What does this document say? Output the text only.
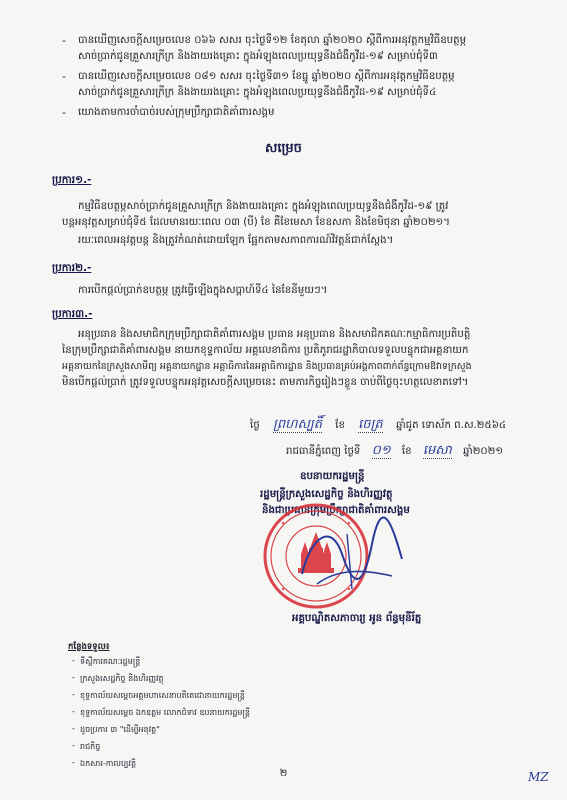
- បានឃើញសេចក្តីសម្រេចលេខ ០៦៦ សសរ ចុះថ្ងៃទី១២ ខែតុលា ឆ្នាំ២០២០ ស្តីពីការអនុវត្តកម្មវិធីឧបត្ថម្ភ
សាច់ប្រាក់ជូនគ្រួសារក្រីក្រ និងងាយរងគ្រោះ ក្នុងអំឡុងពេលប្រយុទ្ធនឹងជំងឺកូវីដ-១៩ សម្រាប់ជុំទី៣
- បានឃើញសេចក្តីសម្រេចលេខ ០៨១ សសរ ចុះថ្ងៃទី៣១ ខែធ្នូ ឆ្នាំ២០២០ ស្តីពីការអនុវត្តកម្មវិធីឧបត្ថម្ភ
សាច់ប្រាក់ជូនគ្រួសារក្រីក្រ និងងាយរងគ្រោះ ក្នុងអំឡុងពេលប្រយុទ្ធនឹងជំងឺកូវីដ-១៩ សម្រាប់ជុំទី៤
- យោងតាមការចាំបាច់របស់ក្រុមប្រឹក្សាជាតិគាំពារសង្គម
សម្រេច
ប្រការ១.-
កម្មវិធីឧបត្ថម្ភសាច់ប្រាក់ជូនគ្រួសារក្រីក្រ និងងាយរងគ្រោះ ក្នុងអំឡុងពេលប្រយុទ្ធនឹងជំងឺកូវីដ-១៩ ត្រូវ
បន្តអនុវត្តសម្រាប់ជុំទី៥ ដែលមានរយៈពេល ០៣ (បី) ខែ គឺខែមេសា ខែឧសភា និងខែមិថុនា ឆ្នាំ២០២១។
រយៈពេលអនុវត្តបន្ត និងត្រូវកំណត់ដោយឡែក ផ្អែកតាមសភាពការណ៍វិវត្តន៍ជាក់ស្តែង។
ប្រការ២.-
ការបើកផ្តល់ប្រាក់ឧបត្ថម្ភ ត្រូវធ្វើឡើងក្នុងសប្តាហ៍ទី៤ នៃខែនីមួយៗ។
ប្រការ៣.-
អនុប្រធាន និងសមាជិកក្រុមប្រឹក្សាជាតិគាំពារសង្គម ប្រធាន អនុប្រធាន និងសមាជិកគណៈកម្មាធិការប្រតិបត្តិ
នៃក្រុមប្រឹក្សាជាតិគាំពារសង្គម នាយកខុទ្ទកាល័យ អគ្គលេខាធិការ ប្រតិភូរាជរដ្ឋាភិបាលទទួលបន្ទុកជាអគ្គនាយក
អគ្គនាយកនៃក្រសួងសាមីព្យ អគ្គនាយកដ្ឋាន អគ្គាធិការនៃអគ្គាធិការដ្ឋាន និងប្រធានគ្រប់អង្គភាពពាក់ព័ន្ធក្រោមឱវាទក្រសួង
មិនបើកផ្តល់ប្រាក់ ត្រូវទទួលបន្ទុកអនុវត្តសេចក្តីសម្រេចនេះ តាមភារកិច្ចរៀងៗខ្លួន ចាប់ពីថ្ងៃចុះហត្ថលេខាតទៅ។
ថ្ងៃ ព្រហស្បតិ៍ ខែ ចេត្រ ឆ្នាំជូត ទោស័ក ព.ស.២៥៦៤
រាជធានីភ្នំពេញ ថ្ងៃទី ០១ ខែ មេសា ឆ្នាំ២០២១
ឧបនាយករដ្ឋមន្ត្រី
រដ្ឋមន្ត្រីក្រសួងសេដ្ឋកិច្ច និងហិរញ្ញវត្ថុ
និងជាប្រធានក្រុមប្រឹក្សាជាតិគាំពារសង្គម
អគ្គបណ្ឌិតសភាចារ្យ អូន ព័ន្ធមុនីរ័ត្ន
កន្លែងទទួល៖
- ទីស្តីការគណៈរដ្ឋមន្ត្រី
- ក្រសួងសេដ្ឋកិច្ច និងហិរញ្ញវត្ថុ
- ខុទ្ទកាល័យសម្តេចអគ្គមហាសេនាបតីតេជោនាយករដ្ឋមន្ត្រី
- ខុទ្ទកាល័យសម្តេច ឯកឧត្តម លោកជំទាវ ឧបនាយករដ្ឋមន្ត្រី
- ដូចប្រការ ៣ "ដើម្បីអនុវត្ត"
- រាជកិច្ច
- ឯកសារ-កាលប្បវត្តិ
២	MZ
